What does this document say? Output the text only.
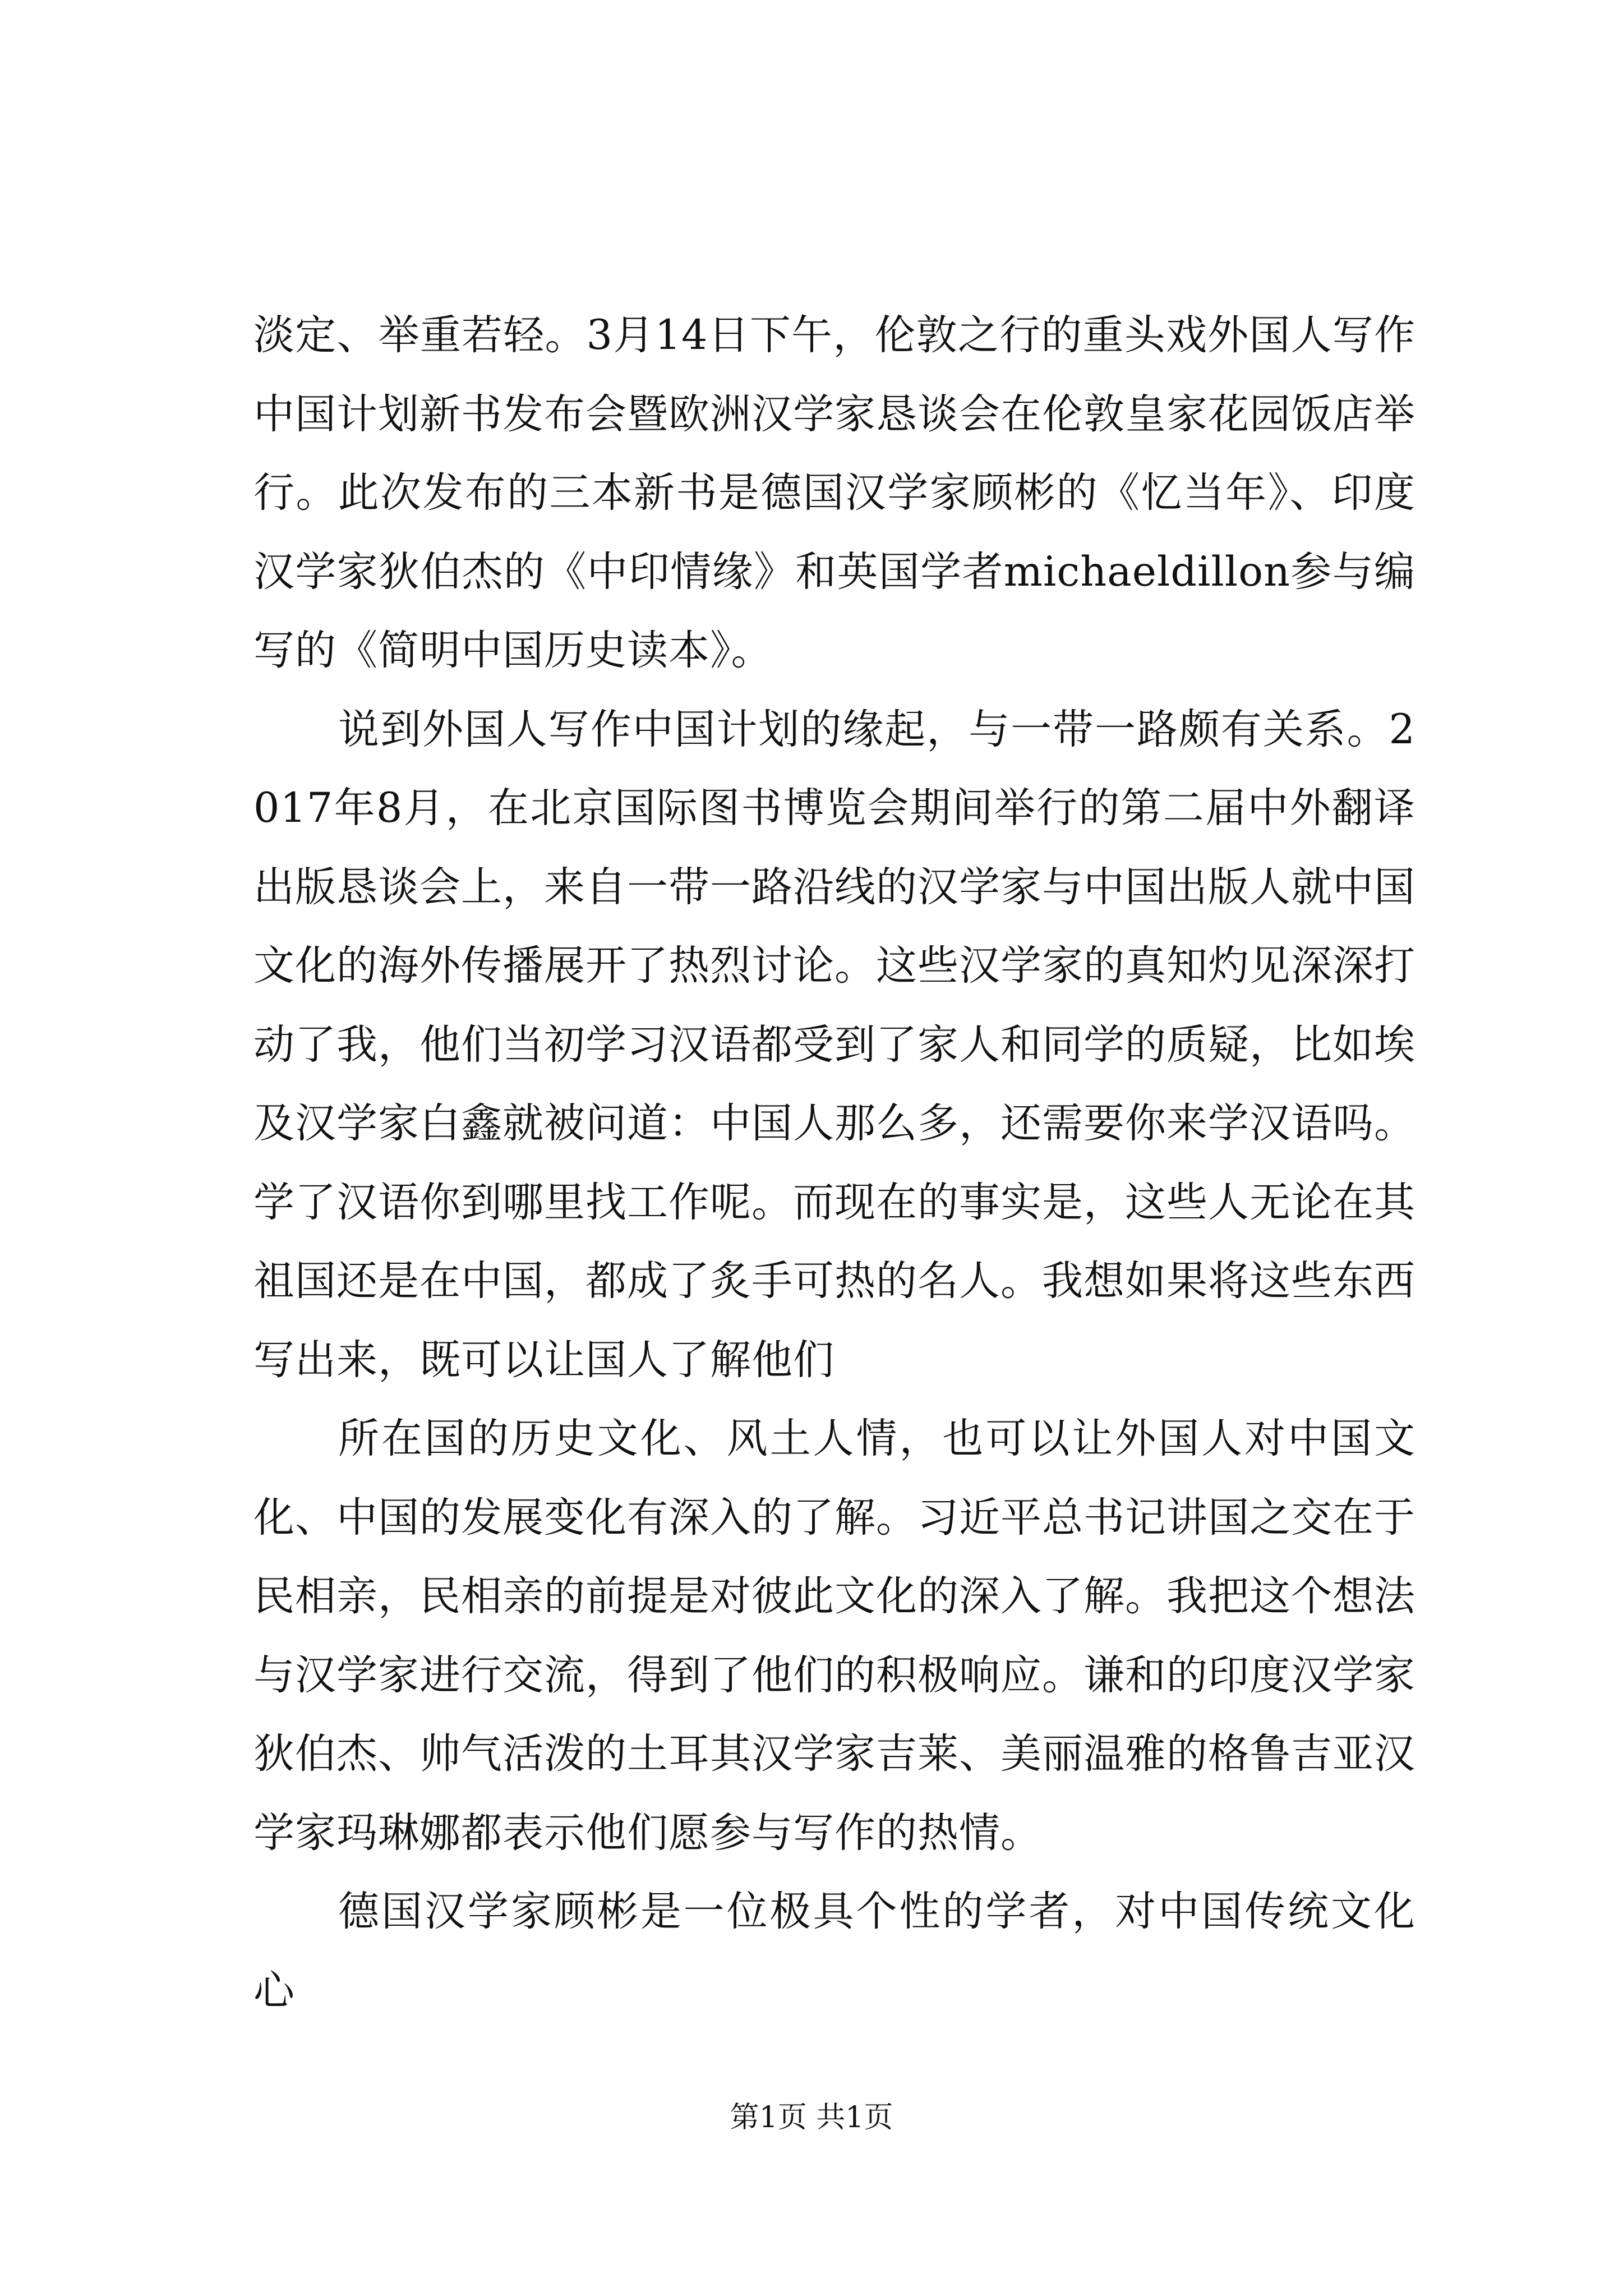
淡定、举重若轻。3月14日下午，伦敦之行的重头戏外国人写作中国计划新书发布会暨欧洲汉学家恳谈会在伦敦皇家花园饭店举行。此次发布的三本新书是德国汉学家顾彬的《忆当年》、印度汉学家狄伯杰的《中印情缘》和英国学者michaeldillon参与编写的《简明中国历史读本》。

说到外国人写作中国计划的缘起，与一带一路颇有关系。2017年8月，在北京国际图书博览会期间举行的第二届中外翻译出版恳谈会上，来自一带一路沿线的汉学家与中国出版人就中国文化的海外传播展开了热烈讨论。这些汉学家的真知灼见深深打动了我，他们当初学习汉语都受到了家人和同学的质疑，比如埃及汉学家白鑫就被问道：中国人那么多，还需要你来学汉语吗。学了汉语你到哪里找工作呢。而现在的事实是，这些人无论在其祖国还是在中国，都成了炙手可热的名人。我想如果将这些东西写出来，既可以让国人了解他们

所在国的历史文化、风土人情，也可以让外国人对中国文化、中国的发展变化有深入的了解。习近平总书记讲国之交在于民相亲，民相亲的前提是对彼此文化的深入了解。我把这个想法与汉学家进行交流，得到了他们的积极响应。谦和的印度汉学家狄伯杰、帅气活泼的土耳其汉学家吉莱、美丽温雅的格鲁吉亚汉学家玛琳娜都表示他们愿参与写作的热情。

德国汉学家顾彬是一位极具个性的学者，对中国传统文化心

第1页 共1页
